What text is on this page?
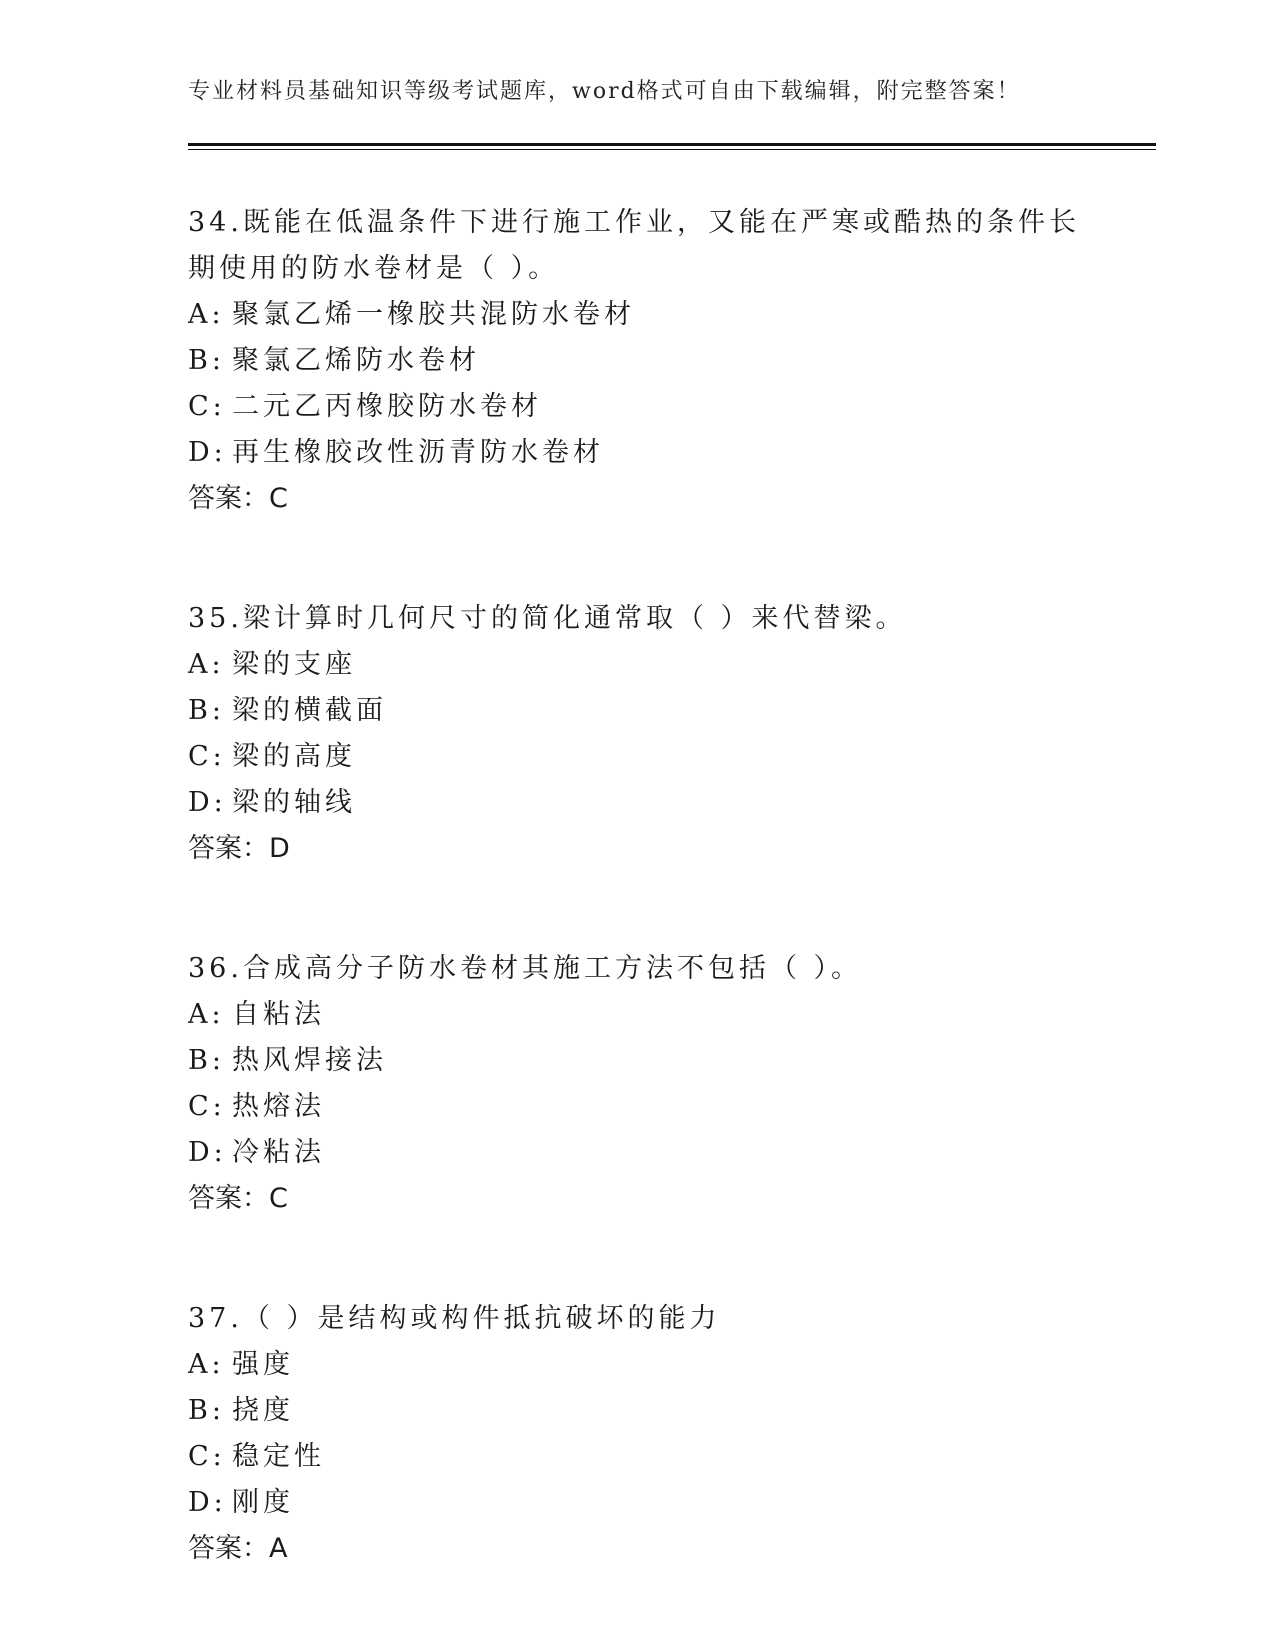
专业材料员基础知识等级考试题库，word格式可自由下载编辑，附完整答案！

34.既能在低温条件下进行施工作业，又能在严寒或酷热的条件长期使用的防水卷材是（ ）。

A: 聚氯乙烯一橡胶共混防水卷材
B: 聚氯乙烯防水卷材
C: 二元乙丙橡胶防水卷材
D: 再生橡胶改性沥青防水卷材
答案：C

35.梁计算时几何尺寸的简化通常取（ ）来代替梁。

A: 梁的支座
B: 梁的横截面
C: 梁的高度
D: 梁的轴线
答案：D

36.合成高分子防水卷材其施工方法不包括（ ）。

A: 自粘法
B: 热风焊接法
C: 热熔法
D: 冷粘法
答案：C

37.（ ）是结构或构件抵抗破坏的能力

A: 强度
B: 挠度
C: 稳定性
D: 刚度
答案：A
